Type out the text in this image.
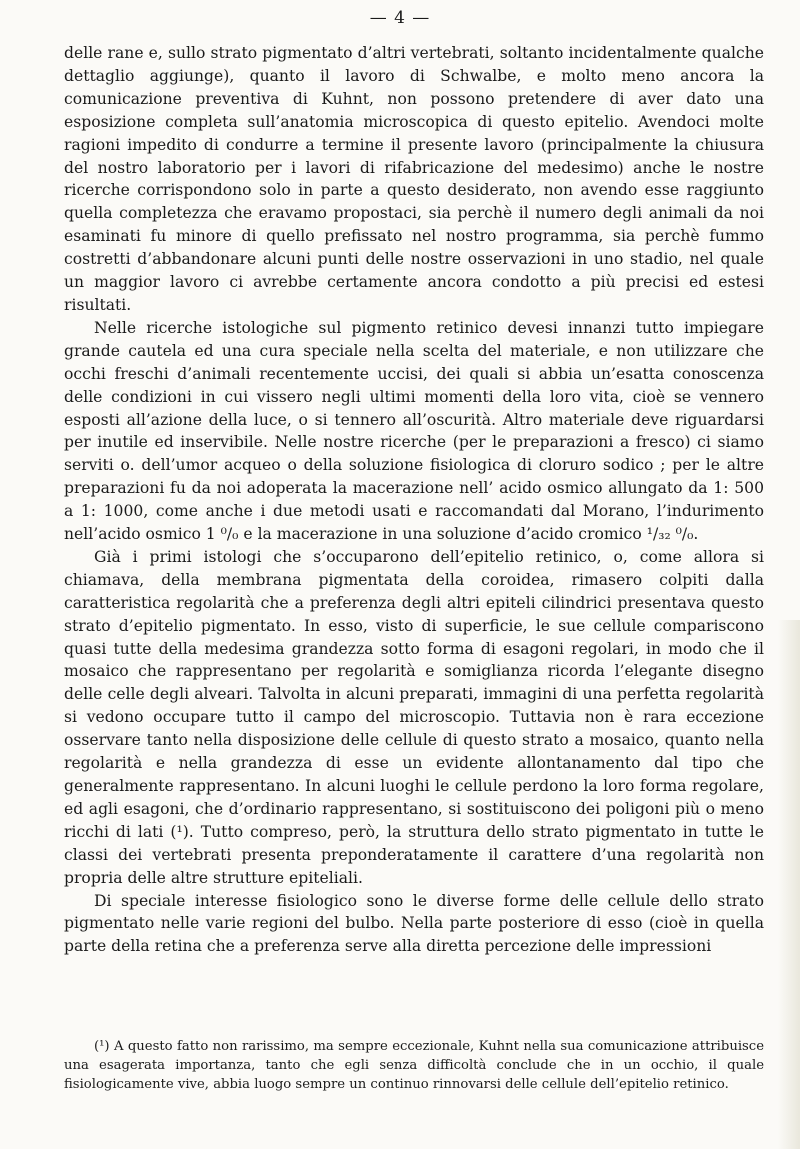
— 4 —

delle rane e, sullo strato pigmentato d’altri vertebrati, soltanto incidentalmente qualche dettaglio aggiunge), quanto il lavoro di Schwalbe, e molto meno ancora la comunicazione preventiva di Kuhnt, non possono pretendere di aver dato una esposizione completa sull’anatomia microscopica di questo epitelio. Avendoci molte ragioni impedito di condurre a termine il presente lavoro (principalmente la chiusura del nostro laboratorio per i lavori di rifabricazione del medesimo) anche le nostre ricerche corrispondono solo in parte a questo desiderato, non avendo esse raggiunto quella completezza che eravamo propostaci, sia perchè il numero degli animali da noi esaminati fu minore di quello prefissato nel nostro programma, sia perchè fummo costretti d’abbandonare alcuni punti delle nostre osservazioni in uno stadio, nel quale un maggior lavoro ci avrebbe certamente ancora condotto a più precisi ed estesi risultati.

Nelle ricerche istologiche sul pigmento retinico devesi innanzi tutto impiegare grande cautela ed una cura speciale nella scelta del materiale, e non utilizzare che occhi freschi d’animali recentemente uccisi, dei quali si abbia un’esatta conoscenza delle condizioni in cui vissero negli ultimi momenti della loro vita, cioè se vennero esposti all’azione della luce, o si tennero all’oscurità. Altro materiale deve riguardarsi per inutile ed inservibile. Nelle nostre ricerche (per le preparazioni a fresco) ci siamo serviti o. dell’umor acqueo o della soluzione fisiologica di cloruro sodico ; per le altre preparazioni fu da noi adoperata la macerazione nell’ acido osmico allungato da 1: 500 a 1: 1000, come anche i due metodi usati e raccomandati dal Morano, l’indurimento nell’acido osmico 1 ⁰/₀ e la macerazione in una soluzione d’acido cromico ¹/₃₂ ⁰/₀.

Già i primi istologi che s’occuparono dell’epitelio retinico, o, come allora si chiamava, della membrana pigmentata della coroidea, rimasero colpiti dalla caratteristica regolarità che a preferenza degli altri epiteli cilindrici presentava questo strato d’epitelio pigmentato. In esso, visto di superficie, le sue cellule compariscono quasi tutte della medesima grandezza sotto forma di esagoni regolari, in modo che il mosaico che rappresentano per regolarità e somiglianza ricorda l’elegante disegno delle celle degli alveari. Talvolta in alcuni preparati, immagini di una perfetta regolarità si vedono occupare tutto il campo del microscopio. Tuttavia non è rara eccezione osservare tanto nella disposizione delle cellule di questo strato a mosaico, quanto nella regolarità e nella grandezza di esse un evidente allontanamento dal tipo che generalmente rappresentano. In alcuni luoghi le cellule perdono la loro forma regolare, ed agli esagoni, che d’ordinario rappresentano, si sostituiscono dei poligoni più o meno ricchi di lati (¹). Tutto compreso, però, la struttura dello strato pigmentato in tutte le classi dei vertebrati presenta preponderatamente il carattere d’una regolarità non propria delle altre strutture epiteliali.

Di speciale interesse fisiologico sono le diverse forme delle cellule dello strato pigmentato nelle varie regioni del bulbo. Nella parte posteriore di esso (cioè in quella parte della retina che a preferenza serve alla diretta percezione delle impressioni

(¹) A questo fatto non rarissimo, ma sempre eccezionale, Kuhnt nella sua comunicazione attribuisce una esagerata importanza, tanto che egli senza difficoltà conclude che in un occhio, il quale fisiologicamente vive, abbia luogo sempre un continuo rinnovarsi delle cellule dell’epitelio retinico.
